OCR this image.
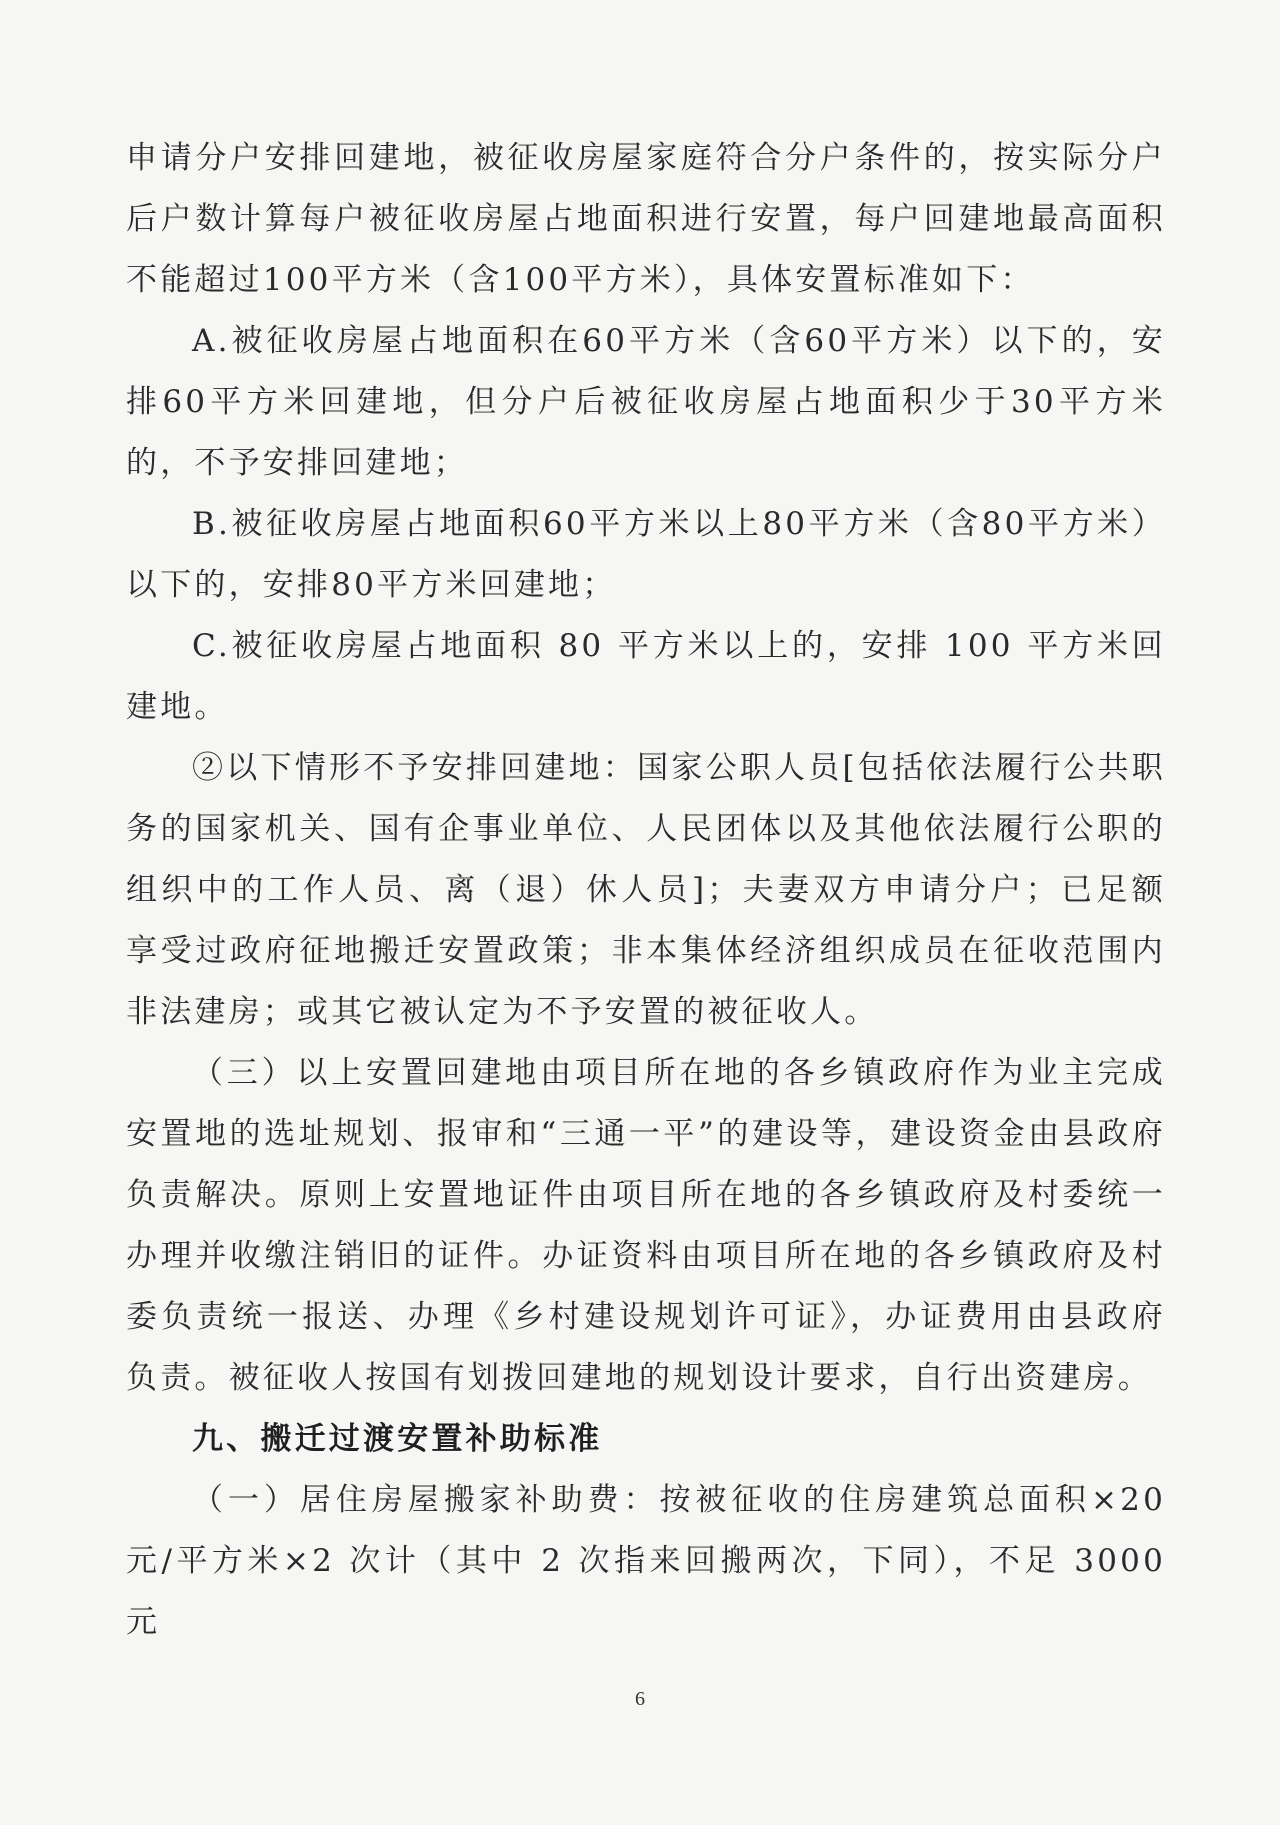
申请分户安排回建地，被征收房屋家庭符合分户条件的，按实际分户后户数计算每户被征收房屋占地面积进行安置，每户回建地最高面积不能超过100平方米（含100平方米），具体安置标准如下：

A.被征收房屋占地面积在60平方米（含60平方米）以下的，安排60平方米回建地，但分户后被征收房屋占地面积少于30平方米的，不予安排回建地；

B.被征收房屋占地面积60平方米以上80平方米（含80平方米）以下的，安排80平方米回建地；

C.被征收房屋占地面积 80 平方米以上的，安排 100 平方米回建地。

②以下情形不予安排回建地：国家公职人员[包括依法履行公共职务的国家机关、国有企事业单位、人民团体以及其他依法履行公职的组织中的工作人员、离（退）休人员]；夫妻双方申请分户；已足额享受过政府征地搬迁安置政策；非本集体经济组织成员在征收范围内非法建房；或其它被认定为不予安置的被征收人。

（三）以上安置回建地由项目所在地的各乡镇政府作为业主完成安置地的选址规划、报审和“三通一平”的建设等，建设资金由县政府负责解决。原则上安置地证件由项目所在地的各乡镇政府及村委统一办理并收缴注销旧的证件。办证资料由项目所在地的各乡镇政府及村委负责统一报送、办理《乡村建设规划许可证》，办证费用由县政府负责。被征收人按国有划拨回建地的规划设计要求，自行出资建房。

九、搬迁过渡安置补助标准

（一）居住房屋搬家补助费：按被征收的住房建筑总面积×20元/平方米×2 次计（其中 2 次指来回搬两次，下同），不足 3000 元

6
